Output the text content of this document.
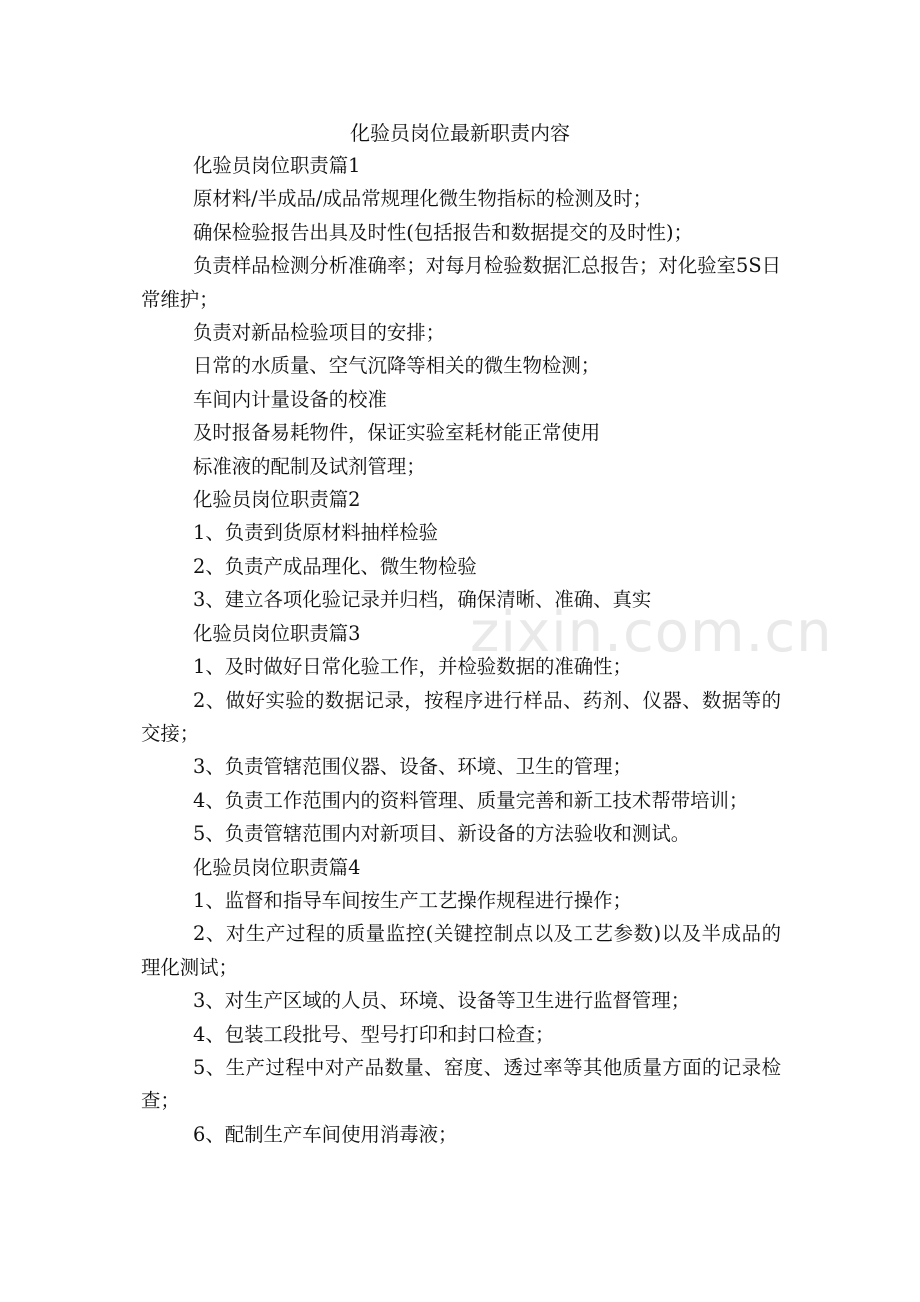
zixin.com.cn
化验员岗位最新职责内容

化验员岗位职责篇1

原材料/半成品/成品常规理化微生物指标的检测及时；

确保检验报告出具及时性(包括报告和数据提交的及时性)；

负责样品检测分析准确率；对每月检验数据汇总报告；对化验室5S日常维护；

负责对新品检验项目的安排；

日常的水质量、空气沉降等相关的微生物检测；

车间内计量设备的校准

及时报备易耗物件，保证实验室耗材能正常使用

标准液的配制及试剂管理；

化验员岗位职责篇2

1、负责到货原材料抽样检验

2、负责产成品理化、微生物检验

3、建立各项化验记录并归档，确保清晰、准确、真实

化验员岗位职责篇3

1、及时做好日常化验工作，并检验数据的准确性；

2、做好实验的数据记录，按程序进行样品、药剂、仪器、数据等的交接；

3、负责管辖范围仪器、设备、环境、卫生的管理；

4、负责工作范围内的资料管理、质量完善和新工技术帮带培训；

5、负责管辖范围内对新项目、新设备的方法验收和测试。

化验员岗位职责篇4

1、监督和指导车间按生产工艺操作规程进行操作；

2、对生产过程的质量监控(关键控制点以及工艺参数)以及半成品的理化测试；

3、对生产区域的人员、环境、设备等卫生进行监督管理；

4、包装工段批号、型号打印和封口检查；

5、生产过程中对产品数量、窑度、透过率等其他质量方面的记录检查；

6、配制生产车间使用消毒液；
